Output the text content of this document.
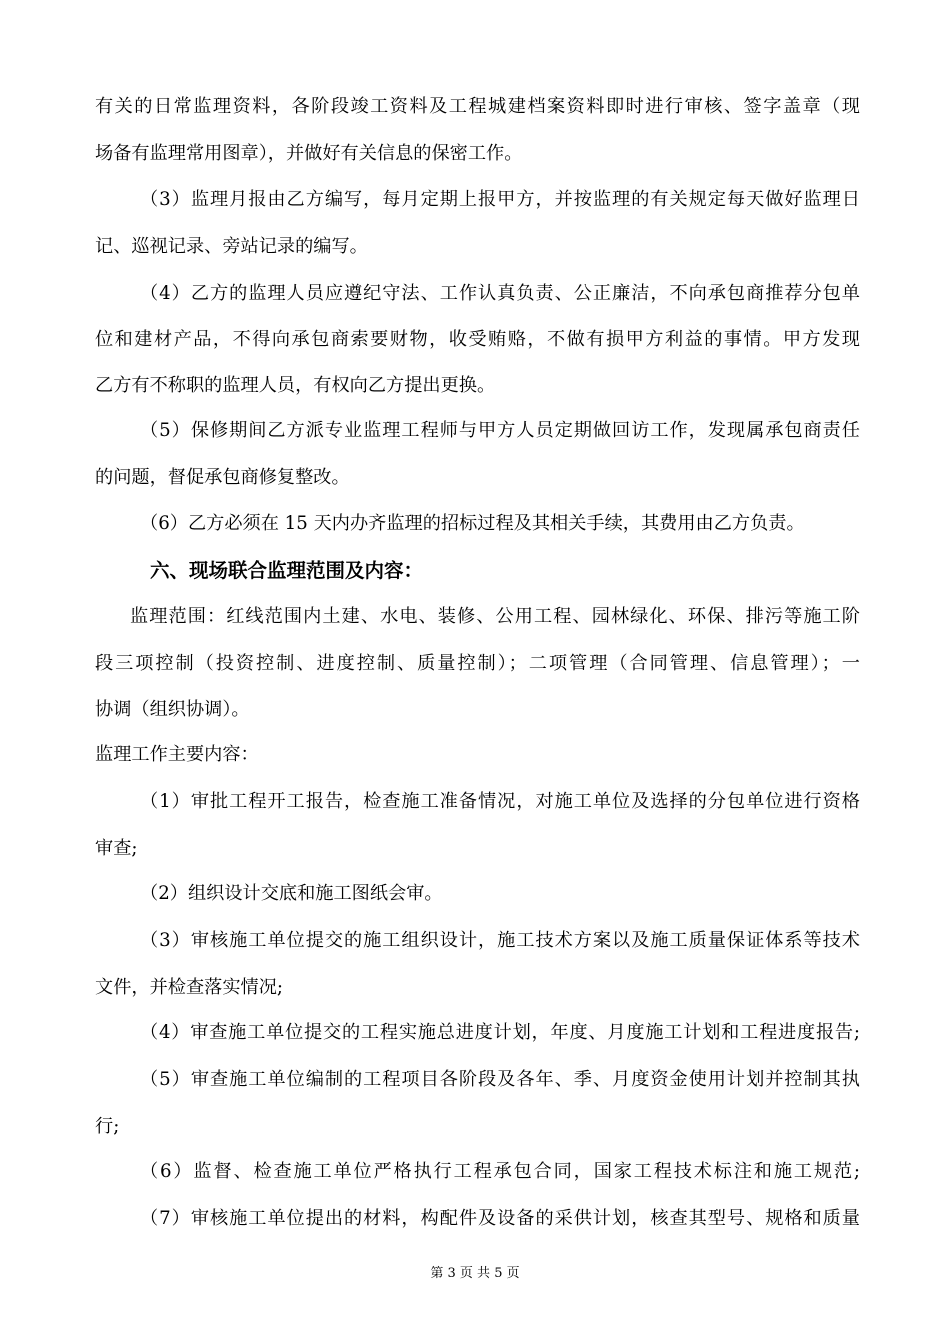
有关的日常监理资料，各阶段竣工资料及工程城建档案资料即时进行审核、签字盖章（现
场备有监理常用图章），并做好有关信息的保密工作。
（3）监理月报由乙方编写，每月定期上报甲方，并按监理的有关规定每天做好监理日
记、巡视记录、旁站记录的编写。
（4）乙方的监理人员应遵纪守法、工作认真负责、公正廉洁，不向承包商推荐分包单
位和建材产品，不得向承包商索要财物，收受贿赂，不做有损甲方利益的事情。甲方发现
乙方有不称职的监理人员，有权向乙方提出更换。
（5）保修期间乙方派专业监理工程师与甲方人员定期做回访工作，发现属承包商责任
的问题，督促承包商修复整改。
（6）乙方必须在 15 天内办齐监理的招标过程及其相关手续，其费用由乙方负责。
六、现场联合监理范围及内容：
监理范围：红线范围内土建、水电、装修、公用工程、园林绿化、环保、排污等施工阶
段三项控制（投资控制、进度控制、质量控制）；二项管理（合同管理、信息管理）；一
协调（组织协调）。
监理工作主要内容：
（1）审批工程开工报告，检查施工准备情况，对施工单位及选择的分包单位进行资格
审查;
（2）组织设计交底和施工图纸会审。
（3）审核施工单位提交的施工组织设计，施工技术方案以及施工质量保证体系等技术
文件，并检查落实情况;
（4）审查施工单位提交的工程实施总进度计划，年度、月度施工计划和工程进度报告;
（5）审查施工单位编制的工程项目各阶段及各年、季、月度资金使用计划并控制其执
行;
（6）监督、检查施工单位严格执行工程承包合同，国家工程技术标注和施工规范;
（7）审核施工单位提出的材料，构配件及设备的采供计划，核查其型号、规格和质量
第 3 页 共 5 页
